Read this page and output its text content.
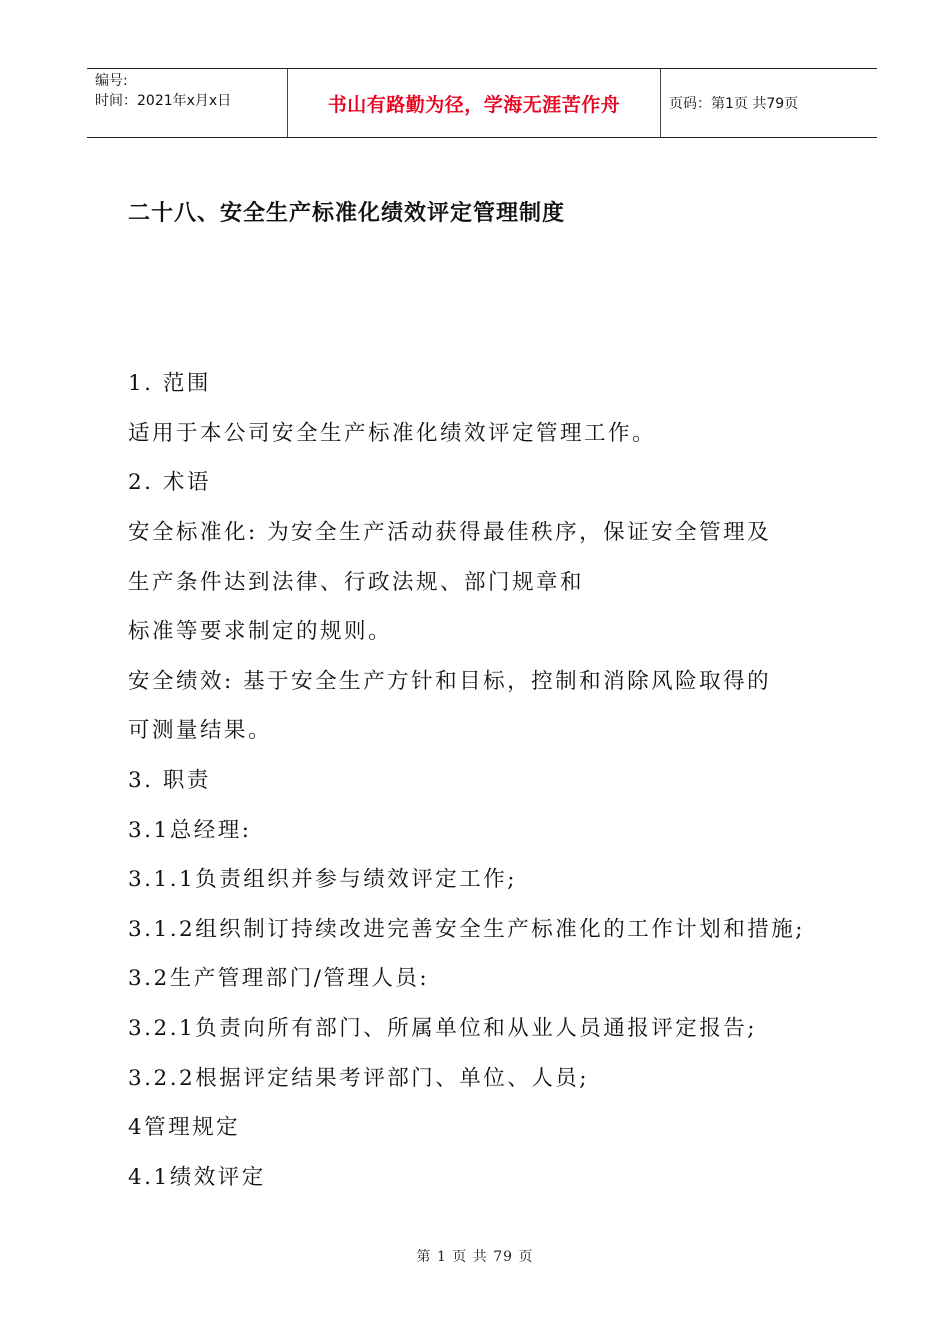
编号:
时间：2021年x月x日	书山有路勤为径，学海无涯苦作舟	页码：第1页 共79页
二十八、安全生产标准化绩效评定管理制度
1. 范围
适用于本公司安全生产标准化绩效评定管理工作。
2. 术语
安全标准化: 为安全生产活动获得最佳秩序，保证安全管理及
生产条件达到法律、行政法规、部门规章和
标准等要求制定的规则。
安全绩效: 基于安全生产方针和目标，控制和消除风险取得的
可测量结果。
3. 职责
3.1总经理:
3.1.1负责组织并参与绩效评定工作;
3.1.2组织制订持续改进完善安全生产标准化的工作计划和措施;
3.2生产管理部门/管理人员:
3.2.1负责向所有部门、所属单位和从业人员通报评定报告;
3.2.2根据评定结果考评部门、单位、人员;
4管理规定
4.1绩效评定
第 1 页 共 79 页
